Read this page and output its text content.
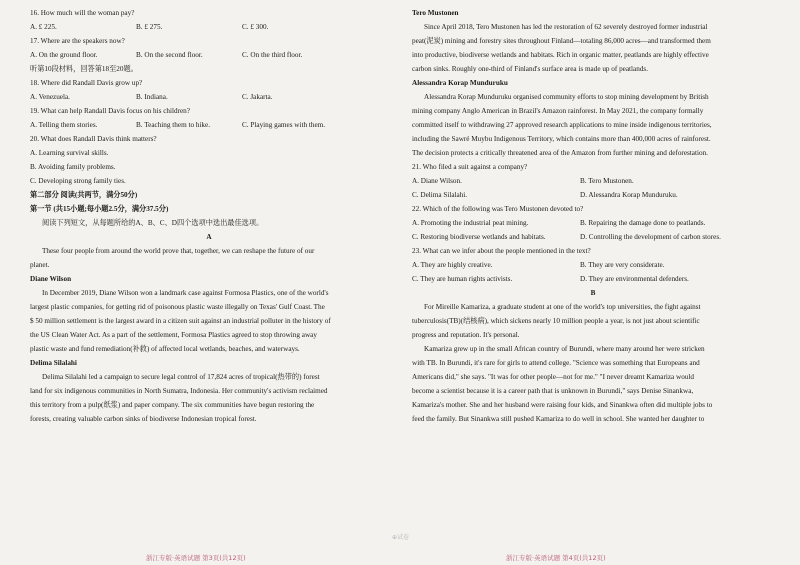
16. How much will the woman pay?
A. £ 225.	B. £ 275.	C. £ 300.
17. Where are the speakers now?
A. On the ground floor.	B. On the second floor.	C. On the third floor.
听第10段材料，回答第18至20题。
18. Where did Randall Davis grow up?
A. Venezuela.	B. Indiana.	C. Jakarta.
19. What can help Randall Davis focus on his children?
A. Telling them stories.	B. Teaching them to hike.	C. Playing games with them.
20. What does Randall Davis think matters?
A. Learning survival skills.
B. Avoiding family problems.
C. Developing strong family ties.
第二部分 阅读(共两节，满分50分)
第一节 (共15小题;每小题2.5分，满分37.5分)
阅读下列短文，从每题所给的A、B、C、D四个选项中选出最佳选项。
A
These four people from around the world prove that, together, we can reshape the future of our
planet.
Diane Wilson
In December 2019, Diane Wilson won a landmark case against Formosa Plastics, one of the world's
largest plastic companies, for getting rid of poisonous plastic waste illegally on Texas' Gulf Coast. The
$ 50 million settlement is the largest award in a citizen suit against an industrial polluter in the history of
the US Clean Water Act. As a part of the settlement, Formosa Plastics agreed to stop throwing away
plastic waste and fund remediation(补救) of affected local wetlands, beaches, and waterways.
Delima Silalahi
Delima Silalahi led a campaign to secure legal control of 17,824 acres of tropical(热带的) forest
land for six indigenous communities in North Sumatra, Indonesia. Her community's activism reclaimed
this territory from a pulp(纸浆) and paper company. The six communities have begun restoring the
forests, creating valuable carbon sinks of biodiverse Indonesian tropical forest.
Tero Mustonen
Since April 2018, Tero Mustonen has led the restoration of 62 severely destroyed former industrial
peat(泥炭) mining and forestry sites throughout Finland—totaling 86,000 acres—and transformed them
into productive, biodiverse wetlands and habitats. Rich in organic matter, peatlands are highly effective
carbon sinks. Roughly one-third of Finland's surface area is made up of peatlands.
Alessandra Korap Munduruku
Alessandra Korap Munduruku organised community efforts to stop mining development by British
mining company Anglo American in Brazil's Amazon rainforest. In May 2021, the company formally
committed itself to withdrawing 27 approved research applications to mine inside indigenous territories,
including the Sawré Muybu Indigenous Territory, which contains more than 400,000 acres of rainforest.
The decision protects a critically threatened area of the Amazon from further mining and deforestation.
21. Who filed a suit against a company?
A. Diane Wilson.	B. Tero Mustonen.
C. Delima Silalahi.	D. Alessandra Korap Munduruku.
22. Which of the following was Tero Mustonen devoted to?
A. Promoting the industrial peat mining.	B. Repairing the damage done to peatlands.
C. Restoring biodiverse wetlands and habitats.	D. Controlling the development of carbon stores.
23. What can we infer about the people mentioned in the text?
A. They are highly creative.	B. They are very considerate.
C. They are human rights activists.	D. They are environmental defenders.
B
For Mireille Kamariza, a graduate student at one of the world's top universities, the fight against
tuberculosis(TB)(结核病), which sickens nearly 10 million people a year, is not just about scientific
progress and reputation. It's personal.
Kamariza grew up in the small African country of Burundi, where many around her were stricken
with TB. In Burundi, it's rare for girls to attend college. "Science was something that Europeans and
Americans did," she says. "It was for other people—not for me." "I never dreamt Kamariza would
become a scientist because it is a career path that is unknown in Burundi," says Denise Sinankwa,
Kamariza's mother. She and her husband were raising four kids, and Sinankwa often did multiple jobs to
feed the family. But Sinankwa still pushed Kamariza to do well in school. She wanted her daughter to
⊕试卷
浙江专版·英语试题 第3页(共12页)	浙江专版·英语试题 第4页(共12页)
